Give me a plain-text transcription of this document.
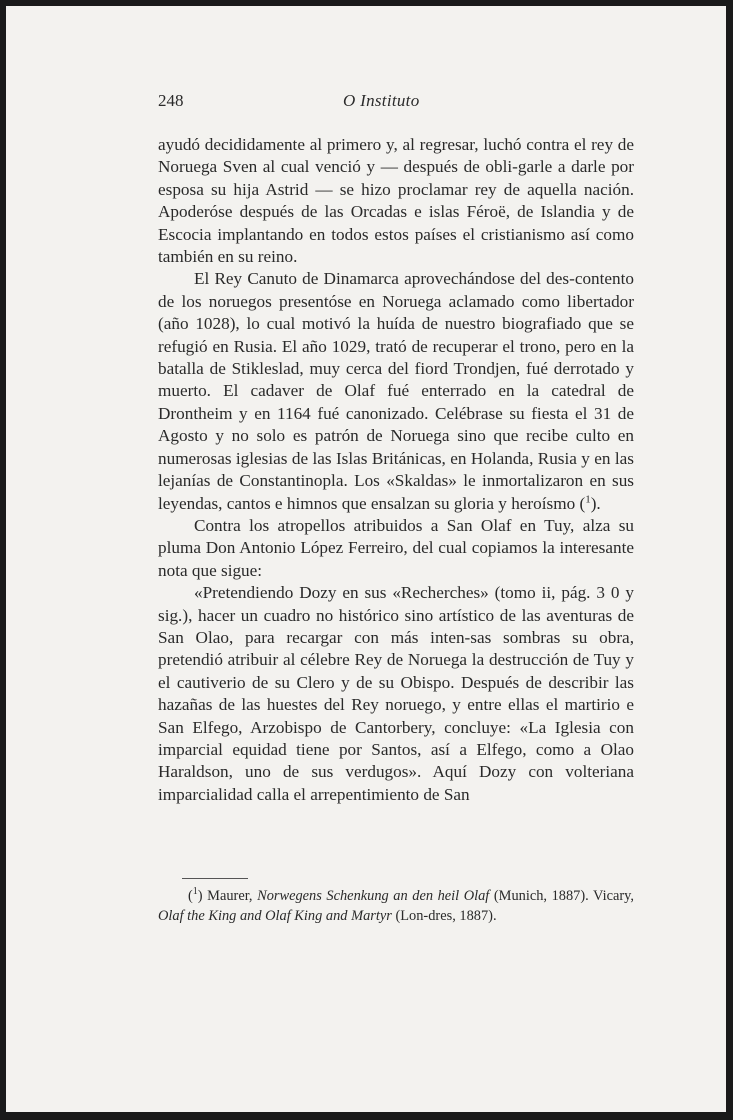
248	O Instituto

ayudó decididamente al primero y, al regresar, luchó contra el rey de Noruega Sven al cual venció y — después de obli-garle a darle por esposa su hija Astrid — se hizo proclamar rey de aquella nación. Apoderóse después de las Orcadas e islas Féroë, de Islandia y de Escocia implantando en todos estos países el cristianismo así como también en su reino.

El Rey Canuto de Dinamarca aprovechándose del des-contento de los noruegos presentóse en Noruega aclamado como libertador (año 1028), lo cual motivó la huída de nuestro biografiado que se refugió en Rusia. El año 1029, trató de recuperar el trono, pero en la batalla de Stikleslad, muy cerca del fiord Trondjen, fué derrotado y muerto. El cadaver de Olaf fué enterrado en la catedral de Drontheim y en 1164 fué canonizado. Celébrase su fiesta el 31 de Agosto y no solo es patrón de Noruega sino que recibe culto en numerosas iglesias de las Islas Británicas, en Holanda, Rusia y en las lejanías de Constantinopla. Los «Skaldas» le inmortalizaron en sus leyendas, cantos e himnos que ensalzan su gloria y heroísmo ($^1$).

Contra los atropellos atribuidos a San Olaf en Tuy, alza su pluma Don Antonio López Ferreiro, del cual copiamos la interesante nota que sigue:

«Pretendiendo Dozy en sus «Recherches» (tomo ii, pág. 3 0 y sig.), hacer un cuadro no histórico sino artístico de las aventuras de San Olao, para recargar con más inten-sas sombras su obra, pretendió atribuir al célebre Rey de Noruega la destrucción de Tuy y el cautiverio de su Clero y de su Obispo. Después de describir las hazañas de las huestes del Rey noruego, y entre ellas el martirio e San Elfego, Arzobispo de Cantorbery, concluye: «La Iglesia con imparcial equidad tiene por Santos, así a Elfego, como a Olao Haraldson, uno de sus verdugos». Aquí Dozy con volteriana imparcialidad calla el arrepentimiento de San

($^1$) Maurer, Norwegens Schenkung an den heil Olaf (Munich, 1887). Vicary, Olaf the King and Olaf King and Martyr (Lon-dres, 1887).
